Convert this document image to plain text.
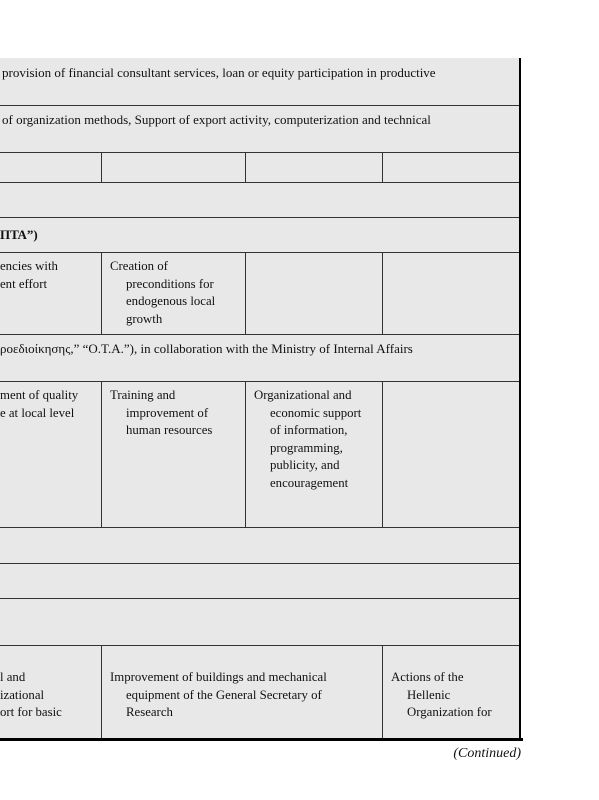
provision of financial consultant services, loan or equity participation in productive
of organization methods, Support of export activity, computerization and technical
ΠΤΑ”)
encies with
ent effort
Creation of
preconditions for
endogenous local
growth
ροεδιοίκησης,” “O.T.A.”), in collaboration with the Ministry of Internal Affairs
ment of quality
e at local level
Training and
improvement of
human resources
Organizational and
economic support
of information,
programming,
publicity, and
encouragement
l and
izational
ort for basic
Improvement of buildings and mechanical
equipment of the General Secretary of
Research
Actions of the
Hellenic
Organization for
(Continued)
